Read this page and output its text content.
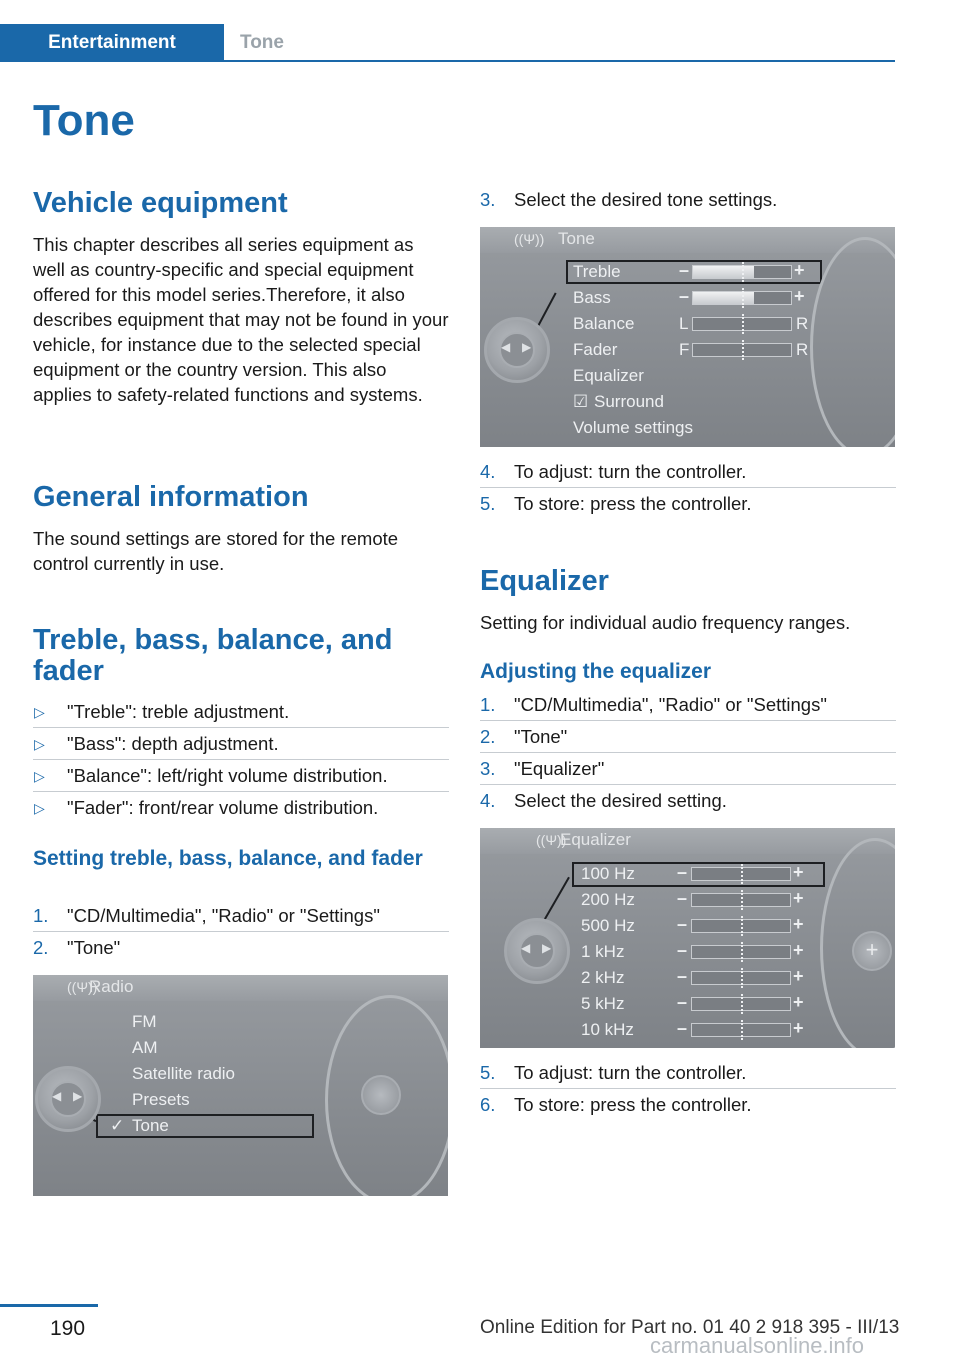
Entertainment	Tone
Tone
Vehicle equipment
This chapter describes all series equipment as well as country-specific and special equipment offered for this model series.Therefore, it also describes equipment that may not be found in your vehicle, for instance due to the selected special equipment or the country version. This also applies to safety-related functions and systems.
General information
The sound settings are stored for the remote control currently in use.
Treble, bass, balance, and fader
▷ "Treble": treble adjustment.
▷ "Bass": depth adjustment.
▷ "Balance": left/right volume distribution.
▷ "Fader": front/rear volume distribution.
Setting treble, bass, balance, and fader
1. "CD/Multimedia", "Radio" or "Settings"
2. "Tone"
((Ψ))
Radio
FM
AM
Satellite radio
Presets
✓ Tone
◀ ▶
3. Select the desired tone settings.
((Ψ)) Tone
Treble	–	+
Bass	–	+
Balance	L	R
Fader	F	R
Equalizer
☑ Surround
Volume settings
◀ ▶
4. To adjust: turn the controller.
5. To store: press the controller.
Equalizer
Setting for individual audio frequency ranges.
Adjusting the equalizer
1. "CD/Multimedia", "Radio" or "Settings"
2. "Tone"
3. "Equalizer"
4. Select the desired setting.
((Ψ))
Equalizer
100 Hz –	+
200 Hz –	+
500 Hz –	+
1 kHz	–	+
2 kHz	–	+
5 kHz	–	+
10 kHz –	+
◀ ▶	+
5. To adjust: turn the controller.
6. To store: press the controller.
190	Online Edition for Part no. 01 40 2 918 395 - III/13
carmanualsonline.info
